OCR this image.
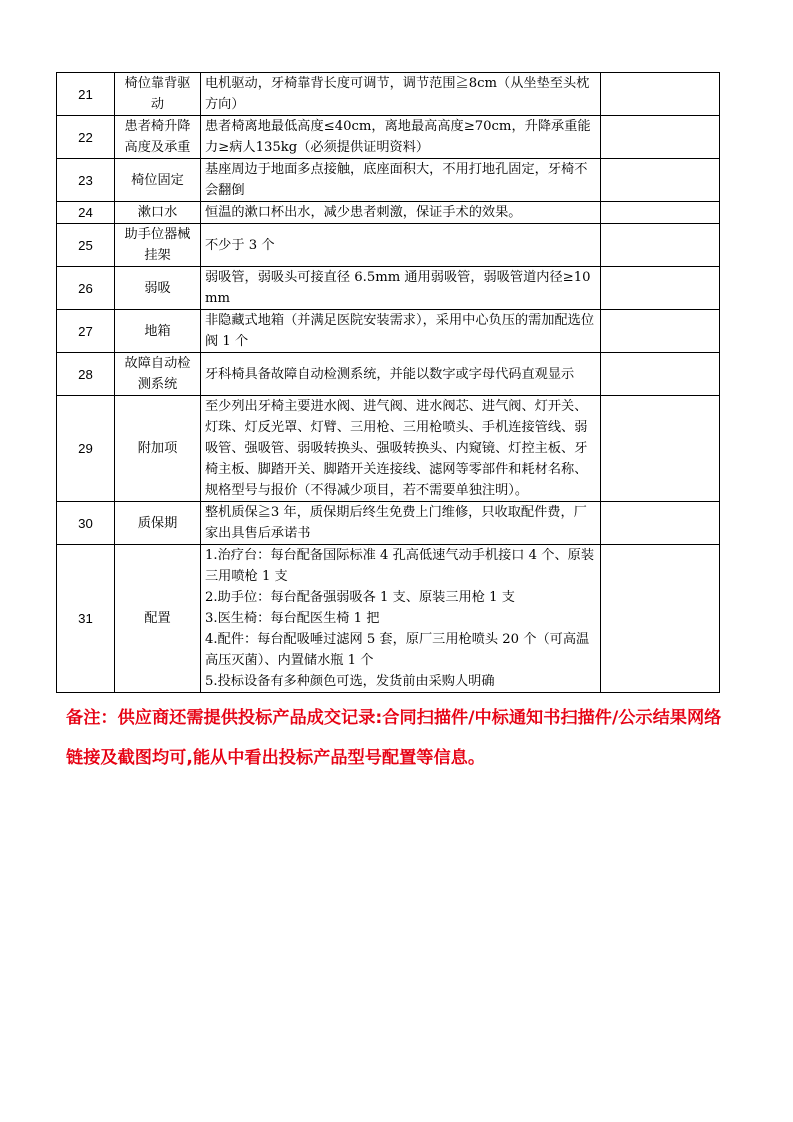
21	椅位靠背驱动	电机驱动，牙椅靠背长度可调节，调节范围≧8cm（从坐垫至头枕方向）	

22	患者椅升降高度及承重	患者椅离地最低高度≤40cm，离地最高高度≥70cm，升降承重能力≥病人135kg（必须提供证明资料）	

23	椅位固定	基座周边于地面多点接触，底座面积大，不用打地孔固定，牙椅不会翻倒	

24	漱口水	恒温的漱口杯出水，减少患者刺激，保证手术的效果。	

25	助手位器械挂架	不少于 3 个	

26	弱吸	弱吸管，弱吸头可接直径 6.5mm 通用弱吸管，弱吸管道内径≥10mm	

27	地箱	非隐藏式地箱（并满足医院安装需求），采用中心负压的需加配选位阀 1 个	

28	故障自动检测系统	牙科椅具备故障自动检测系统，并能以数字或字母代码直观显示	

29	附加项	至少列出牙椅主要进水阀、进气阀、进水阀芯、进气阀、灯开关、灯珠、灯反光罩、灯臂、三用枪、三用枪喷头、手机连接管线、弱吸管、强吸管、弱吸转换头、强吸转换头、内窥镜、灯控主板、牙椅主板、脚踏开关、脚踏开关连接线、滤网等零部件和耗材名称、规格型号与报价（不得减少项目，若不需要单独注明）。	

30	质保期	整机质保≧3 年，质保期后终生免费上门维修，只收取配件费，厂家出具售后承诺书	

31	配置	1.治疗台：每台配备国际标准 4 孔高低速气动手机接口 4 个、原装三用喷枪 1 支
2.助手位：每台配备强弱吸各 1 支、原装三用枪 1 支
3.医生椅：每台配医生椅 1 把
4.配件：每台配吸唾过滤网 5 套，原厂三用枪喷头 20 个（可高温高压灭菌）、内置储水瓶 1 个
5.投标设备有多种颜色可选，发货前由采购人明确	

备注：供应商还需提供投标产品成交记录:合同扫描件/中标通知书扫描件/公示结果网络链接及截图均可,能从中看出投标产品型号配置等信息。
